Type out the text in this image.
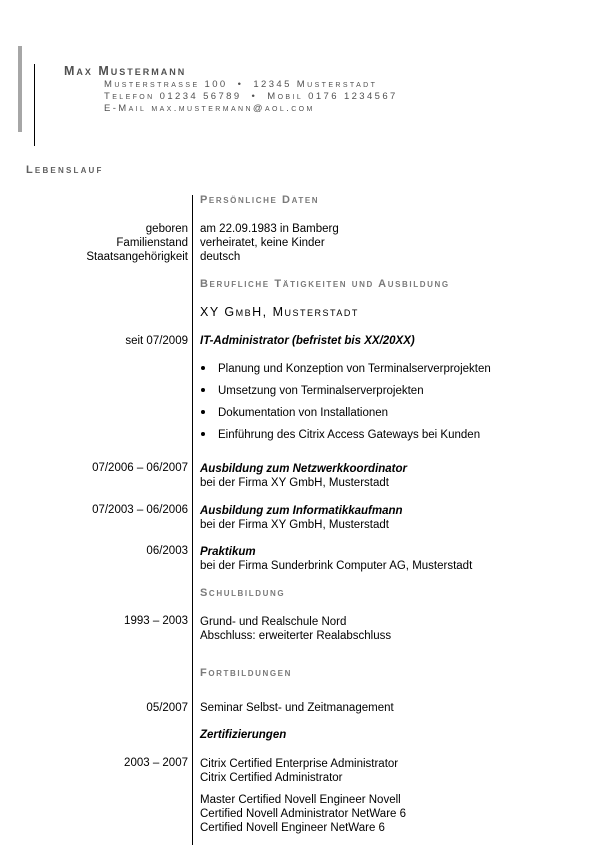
Max Mustermann
Musterstrasse 100 • 12345 Musterstadt
Telefon 01234 56789 • Mobil 0176 1234567
E-Mail max.mustermann@aol.com
Lebenslauf
Persönliche Daten
geboren am 22.09.1983 in Bamberg
Familienstand verheiratet, keine Kinder
Staatsangehörigkeit deutsch
Berufliche Tätigkeiten und Ausbildung
XY GmbH, Musterstadt
seit 07/2009 IT-Administrator (befristet bis XX/20XX)
Planung und Konzeption von Terminalserverprojekten
Umsetzung von Terminalserverprojekten
Dokumentation von Installationen
Einführung des Citrix Access Gateways bei Kunden
07/2006 – 06/2007 Ausbildung zum Netzwerkkoordinator
bei der Firma XY GmbH, Musterstadt
07/2003 – 06/2006 Ausbildung zum Informatikkaufmann
bei der Firma XY GmbH, Musterstadt
06/2003 Praktikum
bei der Firma Sunderbrink Computer AG, Musterstadt
Schulbildung
1993 – 2003 Grund- und Realschule Nord
Abschluss: erweiterter Realabschluss
Fortbildungen
05/2007 Seminar Selbst- und Zeitmanagement
Zertifizierungen
2003 – 2007 Citrix Certified Enterprise Administrator
Citrix Certified Administrator
Master Certified Novell Engineer Novell
Certified Novell Administrator NetWare 6
Certified Novell Engineer NetWare 6
